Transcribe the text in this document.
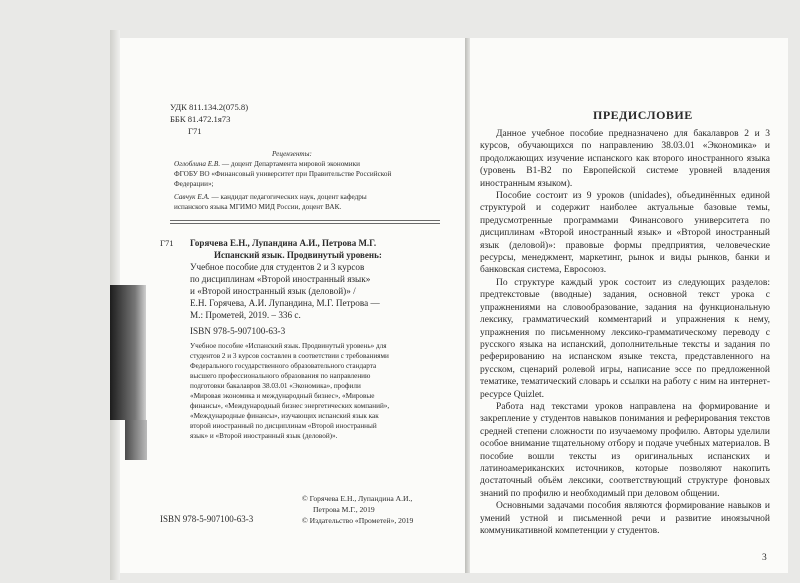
УДК 811.134.2(075.8)
ББК 81.472.1я73
Г71
Рецензенты:
Оглоблина Е.В. — доцент Департамента мировой экономики
ФГОБУ ВО «Финансовый университет при Правительстве Российской
Федерации»;
Савчук Е.А. — кандидат педагогических наук, доцент кафедры
испанского языка МГИМО МИД России, доцент ВАК.
Г71 Горячева Е.Н., Лупандина А.И., Петрова М.Г.
Испанский язык. Продвинутый уровень:
Учебное пособие для студентов 2 и 3 курсов
по дисциплинам «Второй иностранный язык»
и «Второй иностранный язык (деловой)» /
Е.Н. Горячева, А.И. Лупандина, М.Г. Петрова —
М.: Прометей, 2019. – 336 с.
ISBN 978-5-907100-63-3
Учебное пособие «Испанский язык. Продвинутый уровень» для
студентов 2 и 3 курсов составлен в соответствии с требованиями
Федерального государственного образовательного стандарта
высшего профессионального образования по направлению
подготовки бакалавров 38.03.01 «Экономика», профили
«Мировая экономика и международный бизнес», «Мировые
финансы», «Международный бизнес энергетических компаний»,
«Международные финансы», изучающих испанский язык как
второй иностранный по дисциплинам «Второй иностранный
язык» и «Второй иностранный язык (деловой)».
ISBN 978-5-907100-63-3
© Горячева Е.Н., Лупандина А.И.,
Петрова М.Г., 2019
© Издательство «Прометей», 2019
ПРЕДИСЛОВИЕ

Данное учебное пособие предназначено для бакалавров 2 и 3 курсов, обучающихся по направлению 38.03.01 «Экономика» и продолжающих изучение испанского как второго иностранного языка (уровень В1-В2 по Европейской системе уровней владения иностранным языком).

Пособие состоит из 9 уроков (unidades), объединённых единой структурой и содержит наиболее актуальные базовые темы, предусмотренные программами Финансового университета по дисциплинам «Второй иностранный язык» и «Второй иностранный язык (деловой)»: правовые формы предприятия, человеческие ресурсы, менеджмент, маркетинг, рынок и виды рынков, банки и банковская система, Евросоюз.

По структуре каждый урок состоит из следующих разделов: предтекстовые (вводные) задания, основной текст урока с упражнениями на словообразование, задания на функциональную лексику, грамматический комментарий и упражнения к нему, упражнения по письменному лексико-грамматическому переводу с русского языка на испанский, дополнительные тексты и задания по реферированию на испанском языке текста, представленного на русском, сценарий ролевой игры, написание эссе по предложенной тематике, тематический словарь и ссылки на работу с ним на интернет-ресурсе Quizlet.

Работа над текстами уроков направлена на формирование и закрепление у студентов навыков понимания и реферирования текстов средней степени сложности по изучаемому профилю. Авторы уделили особое внимание тщательному отбору и подаче учебных материалов. В пособие вошли тексты из оригинальных испанских и латиноамериканских источников, которые позволяют накопить достаточный объём лексики, соответствующий структуре фоновых знаний по профилю и необходимый при деловом общении.

Основными задачами пособия являются формирование навыков и умений устной и письменной речи и развитие иноязычной коммуникативной компетенции у студентов.

3
